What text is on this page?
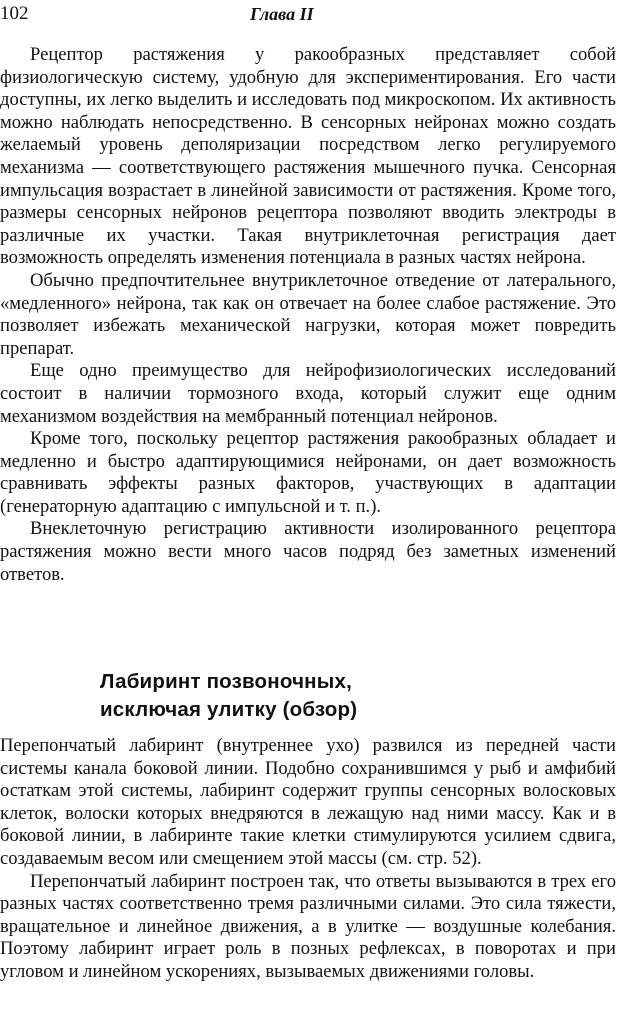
102	Глава II

Рецептор растяжения у ракообразных представляет собой физиологическую систему, удобную для экспериментирования. Его части доступны, их легко выделить и исследовать под микроскопом. Их активность можно наблюдать непосредственно. В сенсорных нейронах можно создать желаемый уровень деполяризации посредством легко регулируемого механизма — соответствующего растяжения мышечного пучка. Сенсорная импульсация возрастает в линейной зависимости от растяжения. Кроме того, размеры сенсорных нейронов рецептора позволяют вводить электроды в различные их участки. Такая внутриклеточная регистрация дает возможность определять изменения потенциала в разных частях нейрона.

Обычно предпочтительнее внутриклеточное отведение от латерального, «медленного» нейрона, так как он отвечает на более слабое растяжение. Это позволяет избежать механической нагрузки, которая может повредить препарат.

Еще одно преимущество для нейрофизиологических исследований состоит в наличии тормозного входа, который служит еще одним механизмом воздействия на мембранный потенциал нейронов.

Кроме того, поскольку рецептор растяжения ракообразных обладает и медленно и быстро адаптирующимися нейронами, он дает возможность сравнивать эффекты разных факторов, участвующих в адаптации (генераторную адаптацию с импульсной и т. п.).

Внеклеточную регистрацию активности изолированного рецептора растяжения можно вести много часов подряд без заметных изменений ответов.

Лабиринт позвоночных,
исключая улитку (обзор)

Перепончатый лабиринт (внутреннее ухо) развился из передней части системы канала боковой линии. Подобно сохранившимся у рыб и амфибий остаткам этой системы, лабиринт содержит группы сенсорных волосковых клеток, волоски которых внедряются в лежащую над ними массу. Как и в боковой линии, в лабиринте такие клетки стимулируются усилием сдвига, создаваемым весом или смещением этой массы (см. стр. 52).

Перепончатый лабиринт построен так, что ответы вызываются в трех его разных частях соответственно тремя различными силами. Это сила тяжести, вращательное и линейное движения, а в улитке — воздушные колебания. Поэтому лабиринт играет роль в позных рефлексах, в поворотах и при угловом и линейном ускорениях, вызываемых движениями головы.
